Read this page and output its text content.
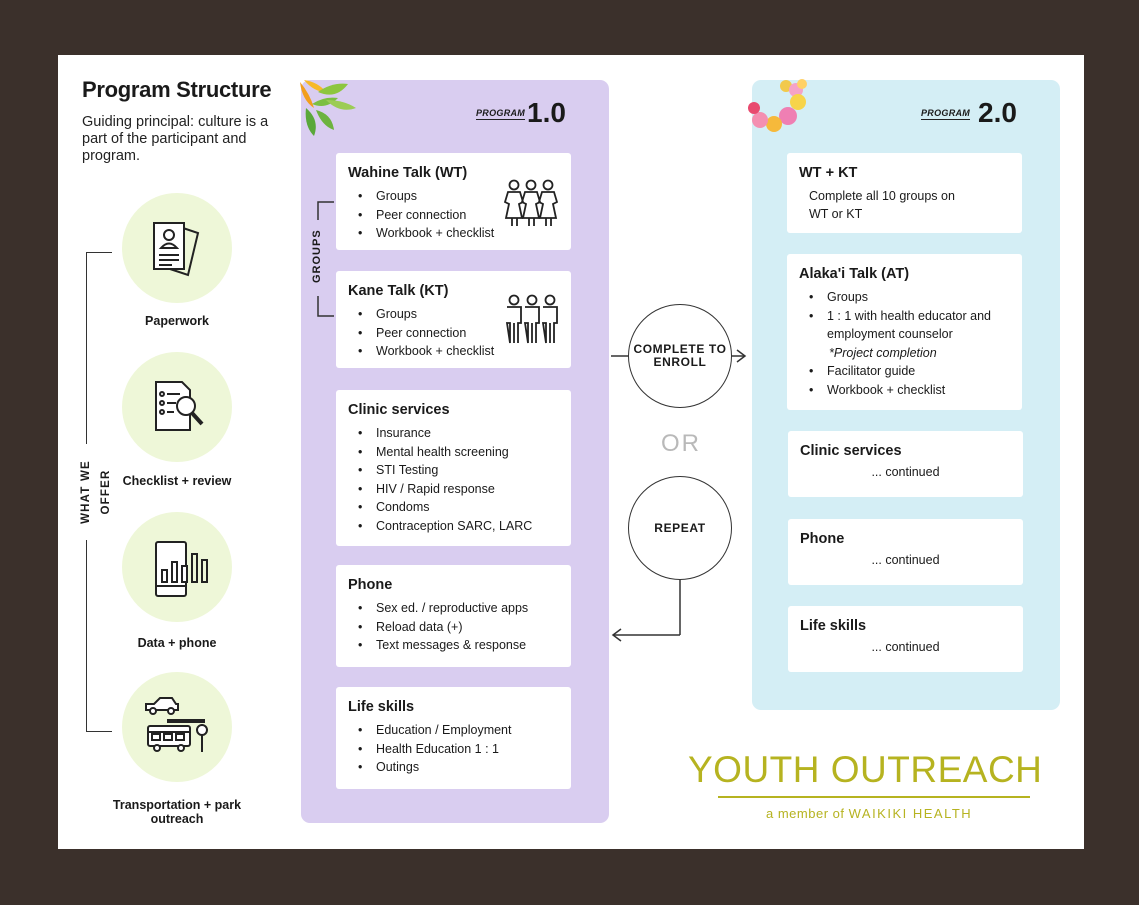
Program Structure
Guiding principal: culture is a part of the participant and program.
WHAT WE OFFER
Paperwork
Checklist + review
Data + phone
Transportation + park outreach
PROGRAM 1.0
GROUPS
Wahine Talk (WT)
• Groups
• Peer connection
• Workbook + checklist
Kane Talk (KT)
• Groups
• Peer connection
• Workbook + checklist
Clinic services
• Insurance
• Mental health screening
• STI Testing
• HIV / Rapid response
• Condoms
• Contraception SARC, LARC
Phone
• Sex ed. / reproductive apps
• Reload data (+)
• Text messages & response
Life skills
• Education / Employment
• Health Education 1 : 1
• Outings
COMPLETE TO ENROLL
OR
REPEAT
PROGRAM 2.0
WT + KT
Complete all 10 groups on WT or KT
Alaka'i Talk (AT)
• Groups
• 1 : 1 with health educator and employment counselor
*Project completion
• Facilitator guide
• Workbook + checklist
Clinic services
... continued
Phone
... continued
Life skills
... continued
YOUTH OUTREACH
a member of WAIKIKI HEALTH
